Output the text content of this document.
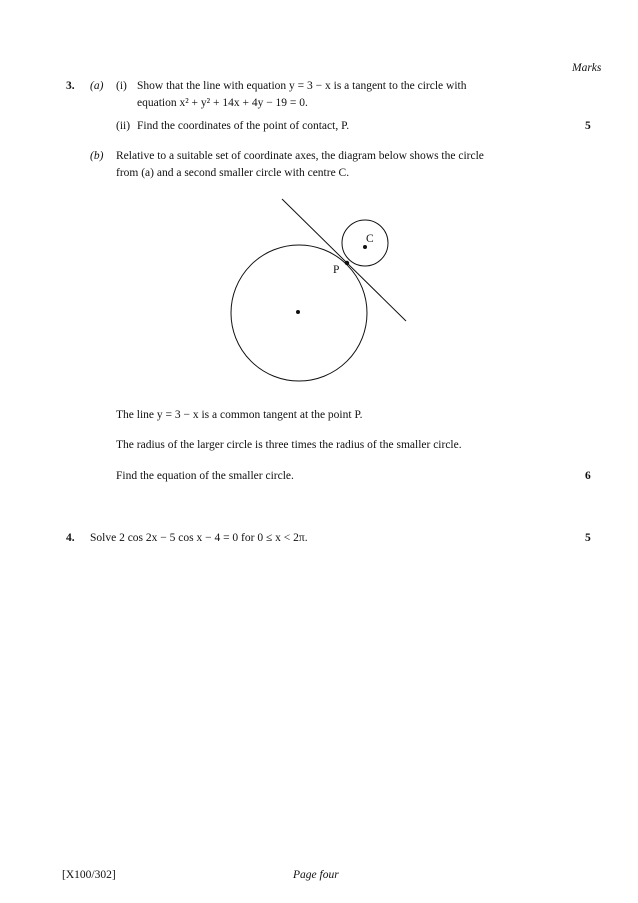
Marks
3. (a) (i) Show that the line with equation y = 3 − x is a tangent to the circle with
equation x² + y² + 14x + 4y − 19 = 0.
(ii) Find the coordinates of the point of contact, P.	5
(b) Relative to a suitable set of coordinate axes, the diagram below shows the circle
from (a) and a second smaller circle with centre C.
C
P
The line y = 3 − x is a common tangent at the point P.
The radius of the larger circle is three times the radius of the smaller circle.
Find the equation of the smaller circle.	6
4. Solve 2 cos 2x − 5 cos x − 4 = 0 for 0 ≤ x < 2π.	5
[X100/302]	Page four
